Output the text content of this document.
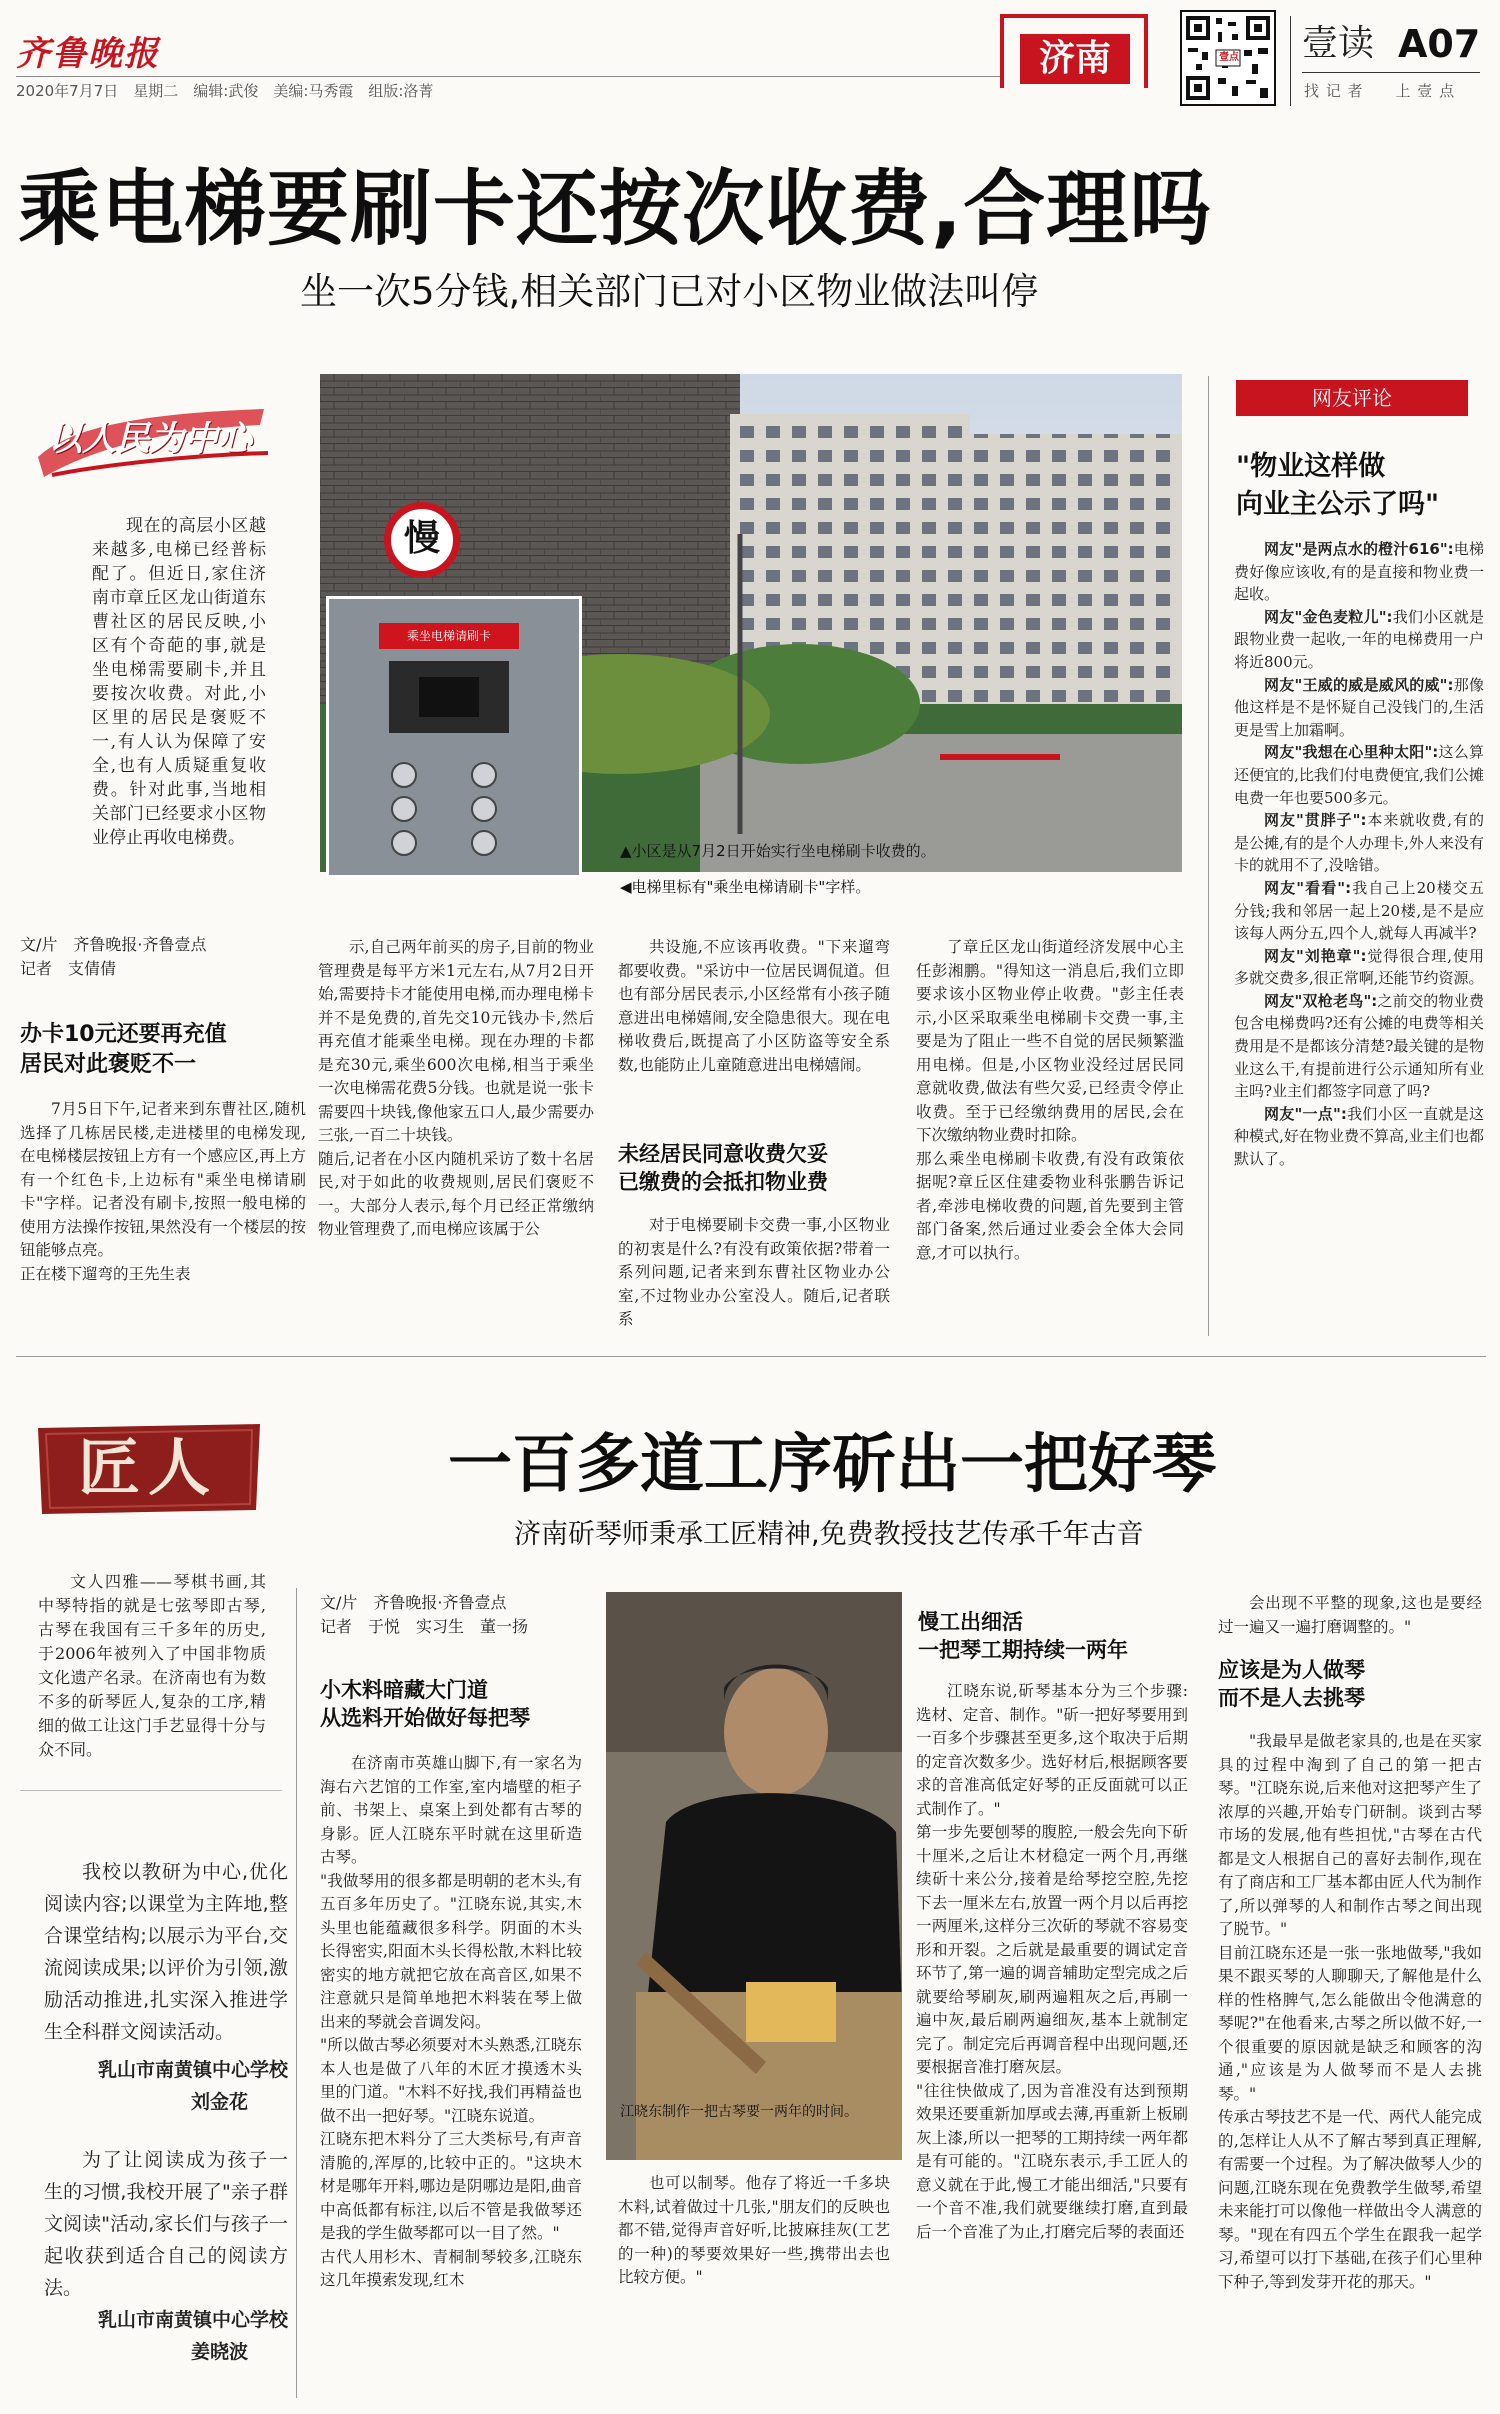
齐鲁晚报
2020年7月7日　星期二　编辑:武俊　美编:马秀霞　组版:洛菁
济南	壹点 壹读 A07
找 记 者　　上 壹 点
乘电梯要刷卡还按次收费,合理吗
坐一次5分钱,相关部门已对小区物业做法叫停
以人民为中心

现在的高层小区越来越多,电梯已经普标配了。但近日,家住济南市章丘区龙山街道东曹社区的居民反映,小区有个奇葩的事,就是坐电梯需要刷卡,并且要按次收费。对此,小区里的居民是褒贬不一,有人认为保障了安全,也有人质疑重复收费。针对此事,当地相关部门已经要求小区物业停止再收电梯费。

慢
乘坐电梯请刷卡
▲小区是从7月2日开始实行坐电梯刷卡收费的。
◀电梯里标有"乘坐电梯请刷卡"字样。
文/片　齐鲁晚报·齐鲁壹点
记者　支倩倩
办卡10元还要再充值
居民对此褒贬不一

7月5日下午,记者来到东曹社区,随机选择了几栋居民楼,走进楼里的电梯发现,在电梯楼层按钮上方有一个感应区,再上方有一个红色卡,上边标有"乘坐电梯请刷卡"字样。记者没有刷卡,按照一般电梯的使用方法操作按钮,果然没有一个楼层的按钮能够点亮。
正在楼下遛弯的王先生表

示,自己两年前买的房子,目前的物业管理费是每平方米1元左右,从7月2日开始,需要持卡才能使用电梯,而办理电梯卡并不是免费的,首先交10元钱办卡,然后再充值才能乘坐电梯。现在办理的卡都是充30元,乘坐600次电梯,相当于乘坐一次电梯需花费5分钱。也就是说一张卡需要四十块钱,像他家五口人,最少需要办三张,一百二十块钱。
随后,记者在小区内随机采访了数十名居民,对于如此的收费规则,居民们褒贬不一。大部分人表示,每个月已经正常缴纳物业管理费了,而电梯应该属于公

共设施,不应该再收费。"下来遛弯都要收费。"采访中一位居民调侃道。但也有部分居民表示,小区经常有小孩子随意进出电梯嬉闹,安全隐患很大。现在电梯收费后,既提高了小区防盗等安全系数,也能防止儿童随意进出电梯嬉闹。

未经居民同意收费欠妥
已缴费的会抵扣物业费

对于电梯要刷卡交费一事,小区物业的初衷是什么?有没有政策依据?带着一系列问题,记者来到东曹社区物业办公室,不过物业办公室没人。随后,记者联系

了章丘区龙山街道经济发展中心主任彭湘鹏。"得知这一消息后,我们立即要求该小区物业停止收费。"彭主任表示,小区采取乘坐电梯刷卡交费一事,主要是为了阻止一些不自觉的居民频繁滥用电梯。但是,小区物业没经过居民同意就收费,做法有些欠妥,已经责令停止收费。至于已经缴纳费用的居民,会在下次缴纳物业费时扣除。
那么乘坐电梯刷卡收费,有没有政策依据呢?章丘区住建委物业科张鹏告诉记者,牵涉电梯收费的问题,首先要到主管部门备案,然后通过业委会全体大会同意,才可以执行。

网友评论
"物业这样做
向业主公示了吗"

网友"是两点水的橙汁616":电梯费好像应该收,有的是直接和物业费一起收。

网友"金色麦粒儿":我们小区就是跟物业费一起收,一年的电梯费用一户将近800元。

网友"王威的威是威风的威":那像他这样是不是怀疑自己没钱门的,生活更是雪上加霜啊。

网友"我想在心里种太阳":这么算还便宜的,比我们付电费便宜,我们公摊电费一年也要500多元。

网友"贯胖子":本来就收费,有的是公摊,有的是个人办理卡,外人来没有卡的就用不了,没啥错。

网友"看看":我自己上20楼交五分钱;我和邻居一起上20楼,是不是应该每人两分五,四个人,就每人再减半?

网友"刘艳章":觉得很合理,使用多就交费多,很正常啊,还能节约资源。

网友"双枪老鸟":之前交的物业费包含电梯费吗?还有公摊的电费等相关费用是不是都该分清楚?最关键的是物业这么干,有提前进行公示通知所有业主吗?业主们都签字同意了吗?

网友"一点":我们小区一直就是这种模式,好在物业费不算高,业主们也都默认了。

匠人	一百多道工序斫出一把好琴
济南斫琴师秉承工匠精神,免费教授技艺传承千年古音

文人四雅——琴棋书画,其中琴特指的就是七弦琴即古琴,古琴在我国有三千多年的历史,于2006年被列入了中国非物质文化遗产名录。在济南也有为数不多的斫琴匠人,复杂的工序,精细的做工让这门手艺显得十分与众不同。

我校以教研为中心,优化阅读内容;以课堂为主阵地,整合课堂结构;以展示为平台,交流阅读成果;以评价为引领,激励活动推进,扎实深入推进学生全科群文阅读活动。

乳山市南黄镇中心学校
刘金花

为了让阅读成为孩子一生的习惯,我校开展了"亲子群文阅读"活动,家长们与孩子一起收获到适合自己的阅读方法。

乳山市南黄镇中心学校
姜晓波
文/片　齐鲁晚报·齐鲁壹点
记者　于悦　实习生　董一扬
小木料暗藏大门道
从选料开始做好每把琴

在济南市英雄山脚下,有一家名为海右六艺馆的工作室,室内墙壁的柜子前、书架上、桌案上到处都有古琴的身影。匠人江晓东平时就在这里斫造古琴。
"我做琴用的很多都是明朝的老木头,有五百多年历史了。"江晓东说,其实,木头里也能蕴藏很多科学。阴面的木头长得密实,阳面木头长得松散,木料比较密实的地方就把它放在高音区,如果不注意就只是简单地把木料装在琴上做出来的琴就会音调发闷。
"所以做古琴必须要对木头熟悉,江晓东本人也是做了八年的木匠才摸透木头里的门道。"木料不好找,我们再精益也做不出一把好琴。"江晓东说道。
江晓东把木料分了三大类标号,有声音清脆的,浑厚的,比较中正的。"这块木材是哪年开料,哪边是阴哪边是阳,曲音中高低都有标注,以后不管是我做琴还是我的学生做琴都可以一目了然。"
古代人用杉木、青桐制琴较多,江晓东这几年摸索发现,红木

江晓东制作一把古琴要一两年的时间。

也可以制琴。他存了将近一千多块木料,试着做过十几张,"朋友们的反映也都不错,觉得声音好听,比披麻挂灰(工艺的一种)的琴要效果好一些,携带出去也比较方便。"

慢工出细活
一把琴工期持续一两年

江晓东说,斫琴基本分为三个步骤:选材、定音、制作。"斫一把好琴要用到一百多个步骤甚至更多,这个取决于后期的定音次数多少。选好材后,根据顾客要求的音准高低定好琴的正反面就可以正式制作了。"
第一步先要刨琴的腹腔,一般会先向下斫十厘米,之后让木材稳定一两个月,再继续斫十来公分,接着是给琴挖空腔,先挖下去一厘米左右,放置一两个月以后再挖一两厘米,这样分三次斫的琴就不容易变形和开裂。之后就是最重要的调试定音环节了,第一遍的调音辅助定型完成之后就要给琴刷灰,刷两遍粗灰之后,再刷一遍中灰,最后刷两遍细灰,基本上就制定完了。制定完后再调音程中出现问题,还要根据音准打磨灰层。
"往往快做成了,因为音准没有达到预期效果还要重新加厚或去薄,再重新上板刷灰上漆,所以一把琴的工期持续一两年都是有可能的。"江晓东表示,手工匠人的意义就在于此,慢工才能出细活,"只要有一个音不准,我们就要继续打磨,直到最后一个音准了为止,打磨完后琴的表面还

会出现不平整的现象,这也是要经过一遍又一遍打磨调整的。"

应该是为人做琴
而不是人去挑琴

"我最早是做老家具的,也是在买家具的过程中淘到了自己的第一把古琴。"江晓东说,后来他对这把琴产生了浓厚的兴趣,开始专门研制。谈到古琴市场的发展,他有些担忧,"古琴在古代都是文人根据自己的喜好去制作,现在有了商店和工厂基本都由匠人代为制作了,所以弹琴的人和制作古琴之间出现了脱节。"
目前江晓东还是一张一张地做琴,"我如果不跟买琴的人聊聊天,了解他是什么样的性格脾气,怎么能做出令他满意的琴呢?"在他看来,古琴之所以做不好,一个很重要的原因就是缺乏和顾客的沟通,"应该是为人做琴而不是人去挑琴。"
传承古琴技艺不是一代、两代人能完成的,怎样让人从不了解古琴到真正理解,有需要一个过程。为了解决做琴人少的问题,江晓东现在免费教学生做琴,希望未来能打可以像他一样做出令人满意的琴。"现在有四五个学生在跟我一起学习,希望可以打下基础,在孩子们心里种下种子,等到发芽开花的那天。"
